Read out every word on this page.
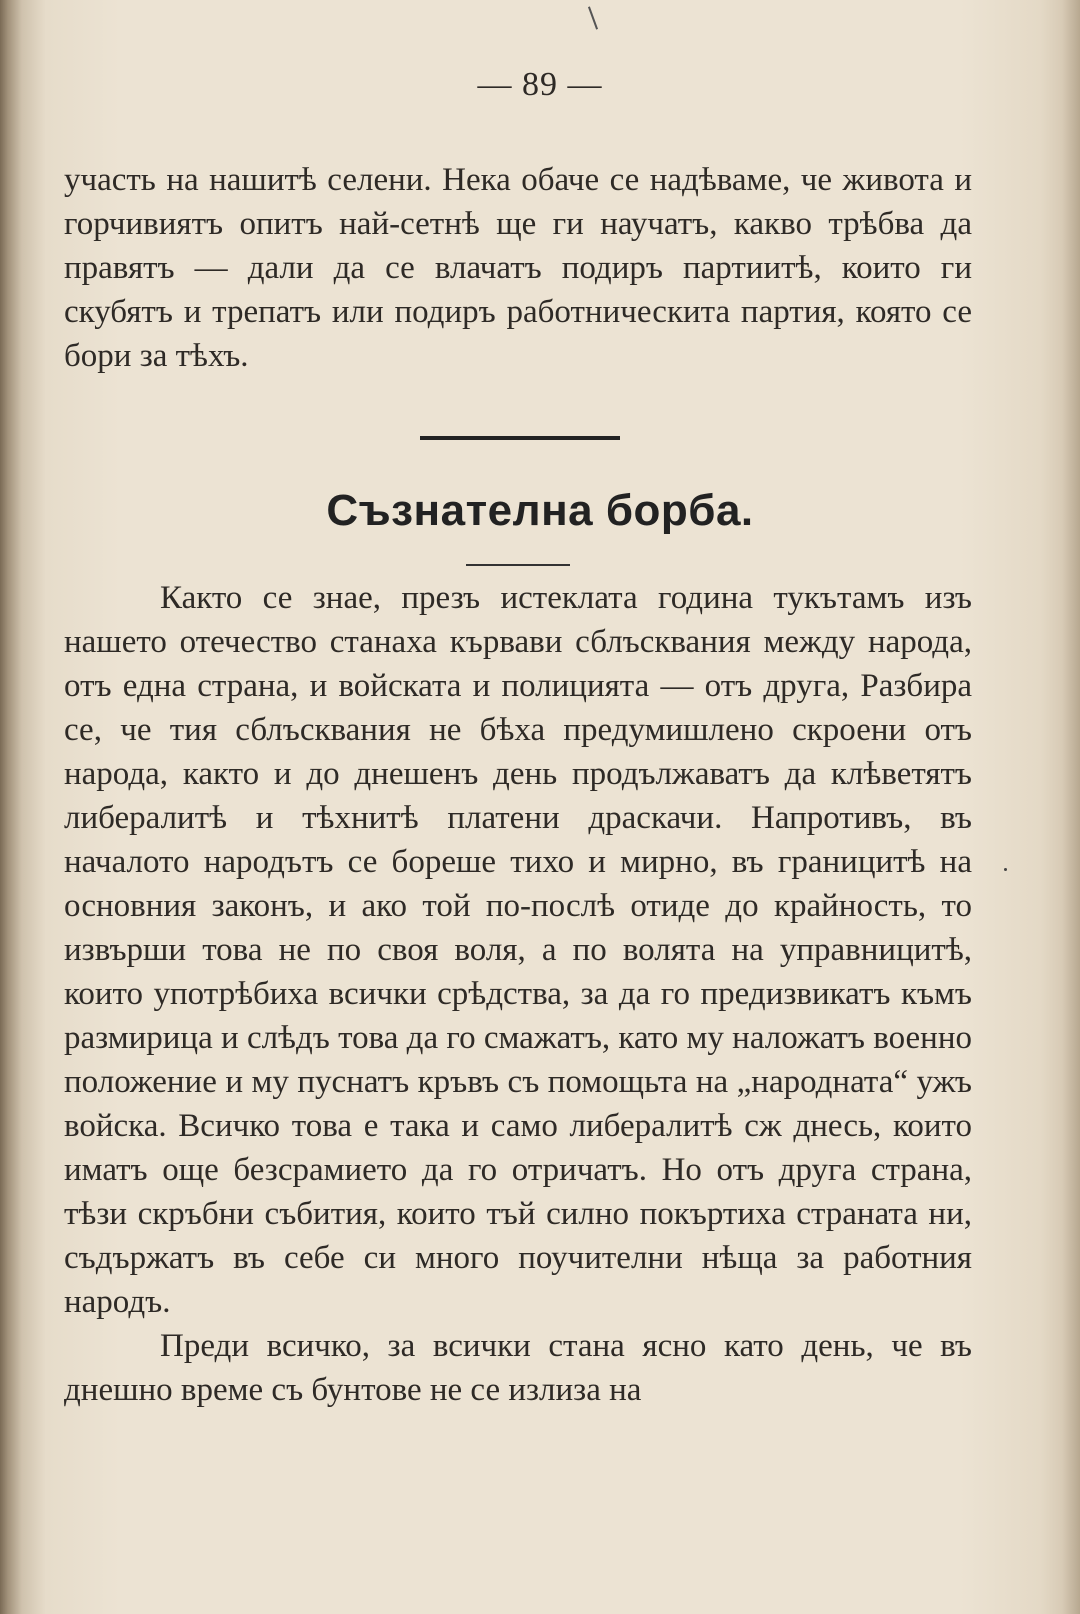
— 89 —

участь на нашитѣ селени. Нека обаче се надѣваме, че живота и горчивиятъ опитъ най-сетнѣ ще ги научатъ, какво трѣбва да правятъ — дали да се влачатъ подиръ партиитѣ, които ги скубятъ и трепатъ или подиръ работническита партия, която се бори за тѣхъ.

Съзнателна борба.

Както се знае, презъ истеклата година тукътамъ изъ нашето отечество станаха кървави сблъсквания между народа, отъ една страна, и войската и полицията — отъ друга, Разбира се, че тия сблъсквания не бѣха предумишлено скроени отъ народа, както и до днешенъ день продължаватъ да клѣветятъ либералитѣ и тѣхнитѣ платени драскачи. Напротивъ, въ началото народътъ се бореше тихо и мирно, въ границитѣ на основния законъ, и ако той по-послѣ отиде до крайность, то извърши това не по своя воля, а по волята на управницитѣ, които употрѣбиха всички срѣдства, за да го предизвикатъ къмъ размирица и слѣдъ това да го смажатъ, като му наложатъ военно положение и му пуснатъ кръвъ съ помощьта на „народната“ ужъ войска. Всичко това е така и само либералитѣ сж днесь, които иматъ още безсрамието да го отричатъ. Но отъ друга страна, тѣзи скръбни събития, които тъй силно покъртиха страната ни, съдържатъ въ себе си много поучителни нѣща за работния народъ.

Преди всичко, за всички стана ясно като день, че въ днешно време съ бунтове не се излиза на
